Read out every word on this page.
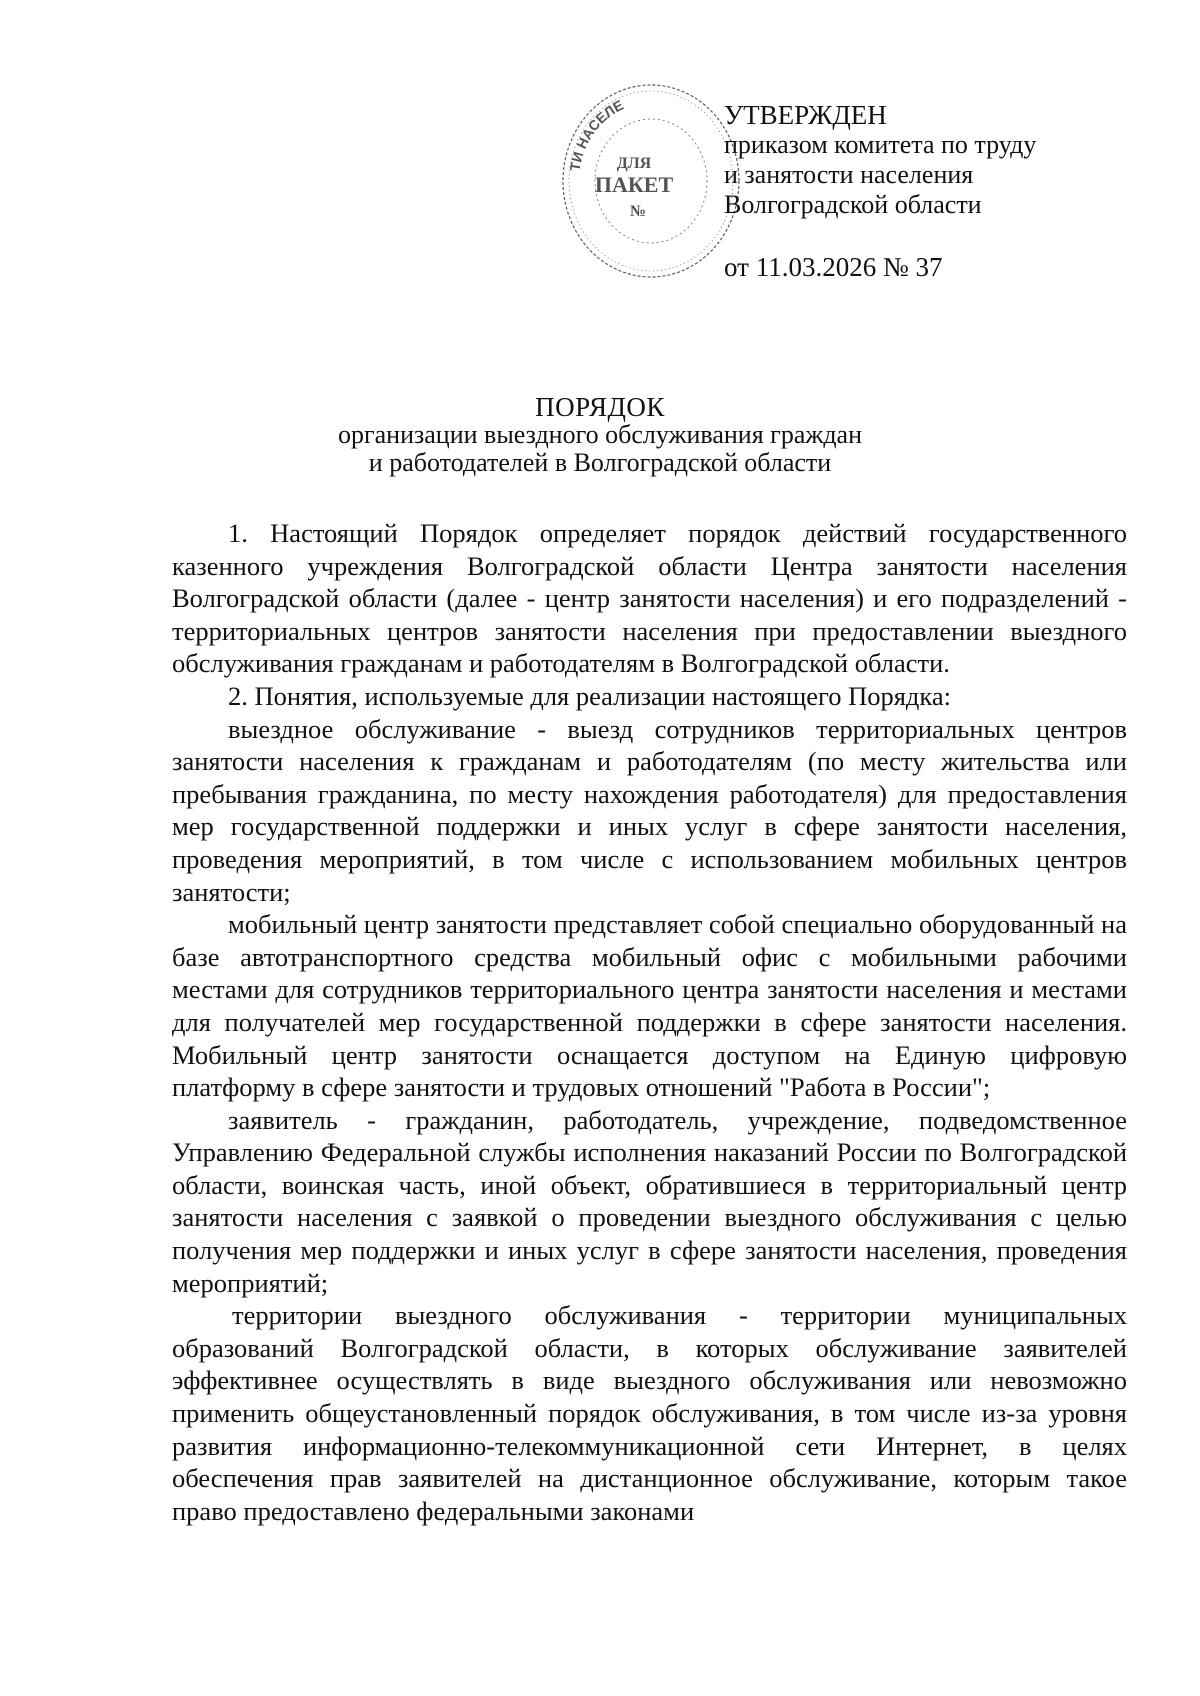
ТИ НАСЕЛЕ
ДЛЯ
ПАКЕТ
№

УТВЕРЖДЕН

приказом комитета по труду

и занятости населения

Волгоградской области

от 11.03.2026 № 37

ПОРЯДОК
организации выездного обслуживания граждан
и работодателей в Волгоградской области

1. Настоящий Порядок определяет порядок действий государственного казенного учреждения Волгоградской области Центра занятости населения Волгоградской области (далее - центр занятости населения) и его подразделений - территориальных центров занятости населения при предоставлении выездного обслуживания гражданам и работодателям в Волгоградской области.

2. Понятия, используемые для реализации настоящего Порядка:

выездное обслуживание - выезд сотрудников территориальных центров занятости населения к гражданам и работодателям (по месту жительства или пребывания гражданина, по месту нахождения работодателя) для предоставления мер государственной поддержки и иных услуг в сфере занятости населения, проведения мероприятий, в том числе с использованием мобильных центров занятости;

мобильный центр занятости представляет собой специально оборудованный на базе автотранспортного средства мобильный офис с мобильными рабочими местами для сотрудников территориального центра занятости населения и местами для получателей мер государственной поддержки в сфере занятости населения. Мобильный центр занятости оснащается доступом на Единую цифровую платформу в сфере занятости и трудовых отношений "Работа в России";

заявитель - гражданин, работодатель, учреждение, подведомственное Управлению Федеральной службы исполнения наказаний России по Волгоградской области, воинская часть, иной объект, обратившиеся в территориальный центр занятости населения с заявкой о проведении выездного обслуживания с целью получения мер поддержки и иных услуг в сфере занятости населения, проведения мероприятий;

территории выездного обслуживания - территории муниципальных образований Волгоградской области, в которых обслуживание заявителей эффективнее осуществлять в виде выездного обслуживания или невозможно применить общеустановленный порядок обслуживания, в том числе из-за уровня развития информационно-телекоммуникационной сети Интернет, в целях обеспечения прав заявителей на дистанционное обслуживание, которым такое право предоставлено федеральными законами
